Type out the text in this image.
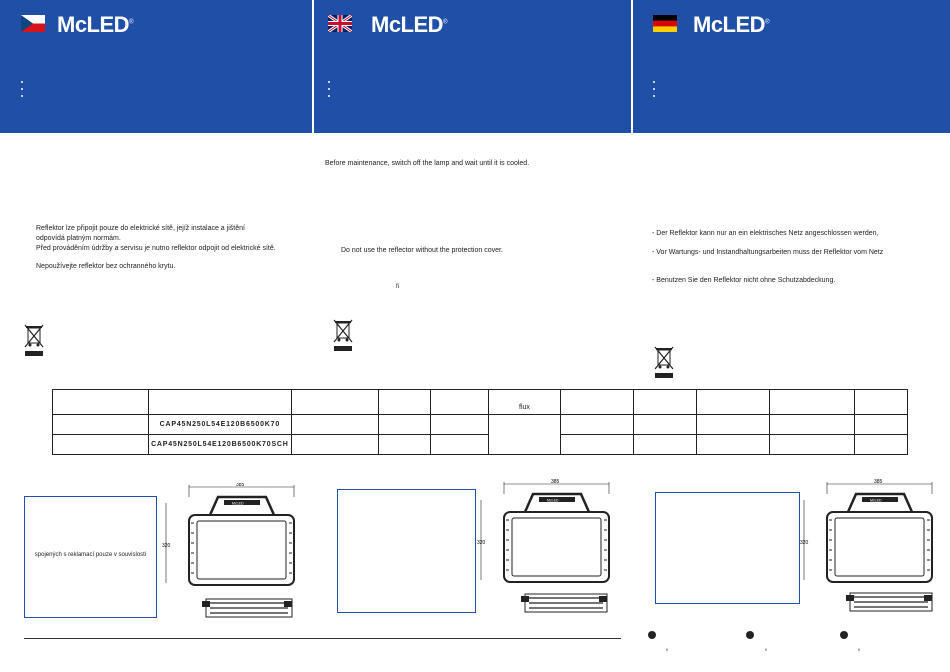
McLED®	McLED®	McLED®
Reflektor lze připojit pouze do elektrické sítě, jejíž instalace a jištění
odpovídá platným normám.
Před prováděním údržby a servisu je nutno reflektor odpojit od elektrické sítě.
Nepoužívejte reflektor bez ochranného krytu.
Before maintenance, switch off the lamp and wait until it is cooled.
Do not use the reflector without the protection cover.
fi
- Der Reflektor kann nur an ein elektrisches Netz angeschlossen werden,
- Vor Wartungs- und Instandhaltungsarbeiten muss der Reflektor vom Netz
- Benutzen Sie den Reflektor nicht ohne Schutzabdeckung.
					flux					
	CAP45N250L54E120B6500K70									
	CAP45N250L54E120B6500K70SCH									
spojených s reklamací pouze v souvislosti
385
320
McLED
385
320
McLED
385
320
McLED
fi	fi	fi
